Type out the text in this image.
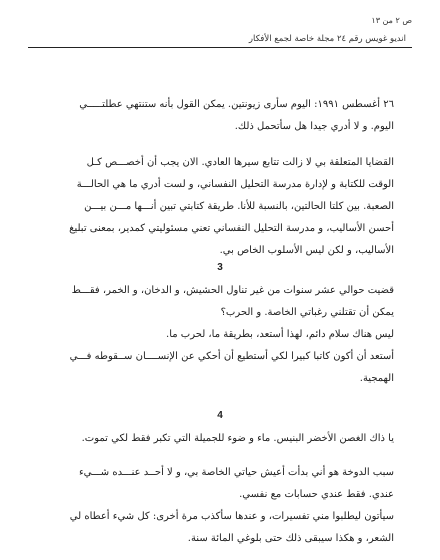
ص ٢ من ١٣
انديو غويس رقم ٢٤ مجلة خاصة لجمع الأفكار
٢٦ أغسطس ١٩٩١: اليوم سأرى زيونتين. يمكن القول بأنه ستنتهي عطلتـــــي
اليوم. و لا أدري جيدا هل سأتحمل ذلك.
القضايا المتعلقة بي لا زالت تتابع سيرها العادي. الان يجب أن أخصـــص كـل
الوقت للكتابة و لإدارة مدرسة التحليل النفساني، و لست أدري ما هي الحالـــة
الصعبة. بين كلتا الحالتين، بالنسبة للأنا. طريقة كتابتي تبين أنـــها مـــن بيـــن
أحسن الأساليب، و مدرسة التحليل النفساني تعني مسئوليتي كمدير، بمعنى تبليغ
الأساليب، و لكن ليس الأسلوب الخاص بي.
3
قضيت حوالي عشر سنوات من غير تناول الحشيش، و الدخان، و الخمر، فقـــط
يمكن أن تقتلني رغباتي الخاصة. و الحرب؟
ليس هناك سلام دائم، لهذا أستعد، بطريقة ما، لحرب ما.
أستعد أن أكون كاتبا كبيرا لكي أستطيع أن أحكي عن الإنســــان ســقوطه فـــي
الهمجية.
4
يا ذاك الغصن الأخضر البنيس. ماء و ضوء للجميلة التي تكبر فقط لكي تموت.
سبب الدوخة هو أني بدأت أعيش حياتي الخاصة بي، و لا أحــد عنـــده شـــيء
عندي. فقط عندي حسابات مع نفسي.
سيأتون ليطلبوا مني تفسيرات، و عندها سأكذب مرة أخرى: كل شيء أعطاه لي
الشعر، و هكذا سيبقى ذلك حتى بلوغي المائة سنة.
